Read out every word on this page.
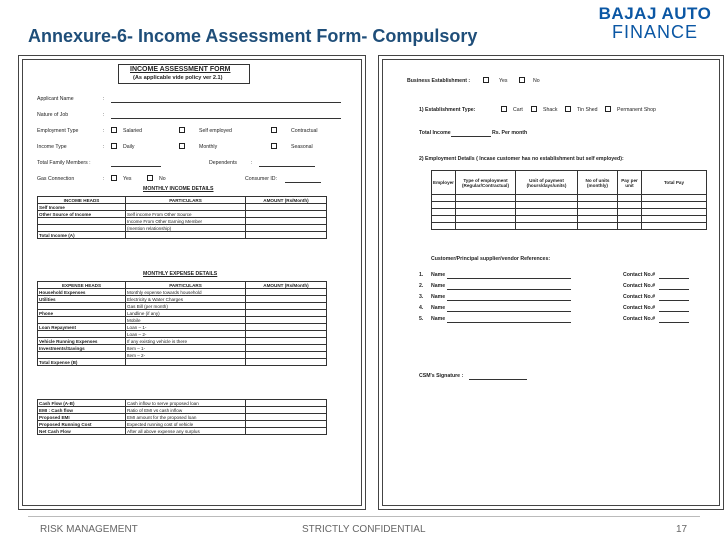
Annexure-6- Income Assessment Form- Compulsory
BAJAJ AUTO
FINANCE
INCOME ASSESSMENT FORM
(As applicable vide policy ver 2.1)
Applicant Name	:
Nature of Job	:
Employment Type	:	Salaried	Self employed	Contractual
Income Type	:	Daily	Monthly	Seasonal
Total Family Members :	Dependents	:
Gas Connection	:	Yes	No	Consumer ID:
MONTHLY INCOME DETAILS
INCOME HEADS	PARTICULARS	AMOUNT (Rs/Month)
Self Income		
Other Source of Income	Self income From Other Source	
	Income From Other Earning Member	
	(mention relationship)	
Total Income (A)		
MONTHLY EXPENSE DETAILS
EXPENSE HEADS	PARTICULARS	AMOUNT (Rs/Month)
Household Expenses	Monthly expense towards household	
Utilities	Electricity & Water Charges	
	Gas Bill (per month)	
Phone	Landline (if any)	
	Mobile	
Loan Repayment	Loan – 1-	
	Loan – 2-	
Vehicle Running Expenses	If any existing vehicle is there	
Investments/Savings	Item – 1-	
	Item – 2-	
Total Expense (B)		
Cash Flow (A-B)	Cash inflow to serve proposed loan	
EMI : Cash flow	Ratio of EMI vs cash inflow	
Proposed EMI	EMI amount for the proposed loan	
Proposed Running Cost	Expected running cost of vehicle	
Net Cash Flow	After all above expense any surplus	
Business Establishment :	Yes	No
1) Establishment Type:	Cart	Shack	Tin Shed	Permanent Shop
Total Income	Rs. Per month
2) Employment Details ( Incase customer has no establishment but self employed):
Employer	Type of employment (Regular/Contractual)	Unit of payment (hours/days/units)	No of units (monthly)	Pay per unit	Total Pay

Customer/Principal supplier/vendor References:
1. Name	Contact No.#
2. Name	Contact No.#
3. Name	Contact No.#
4. Name	Contact No.#
5. Name	Contact No.#
CSM's Signature :
RISK MANAGEMENT	STRICTLY CONFIDENTIAL	17
